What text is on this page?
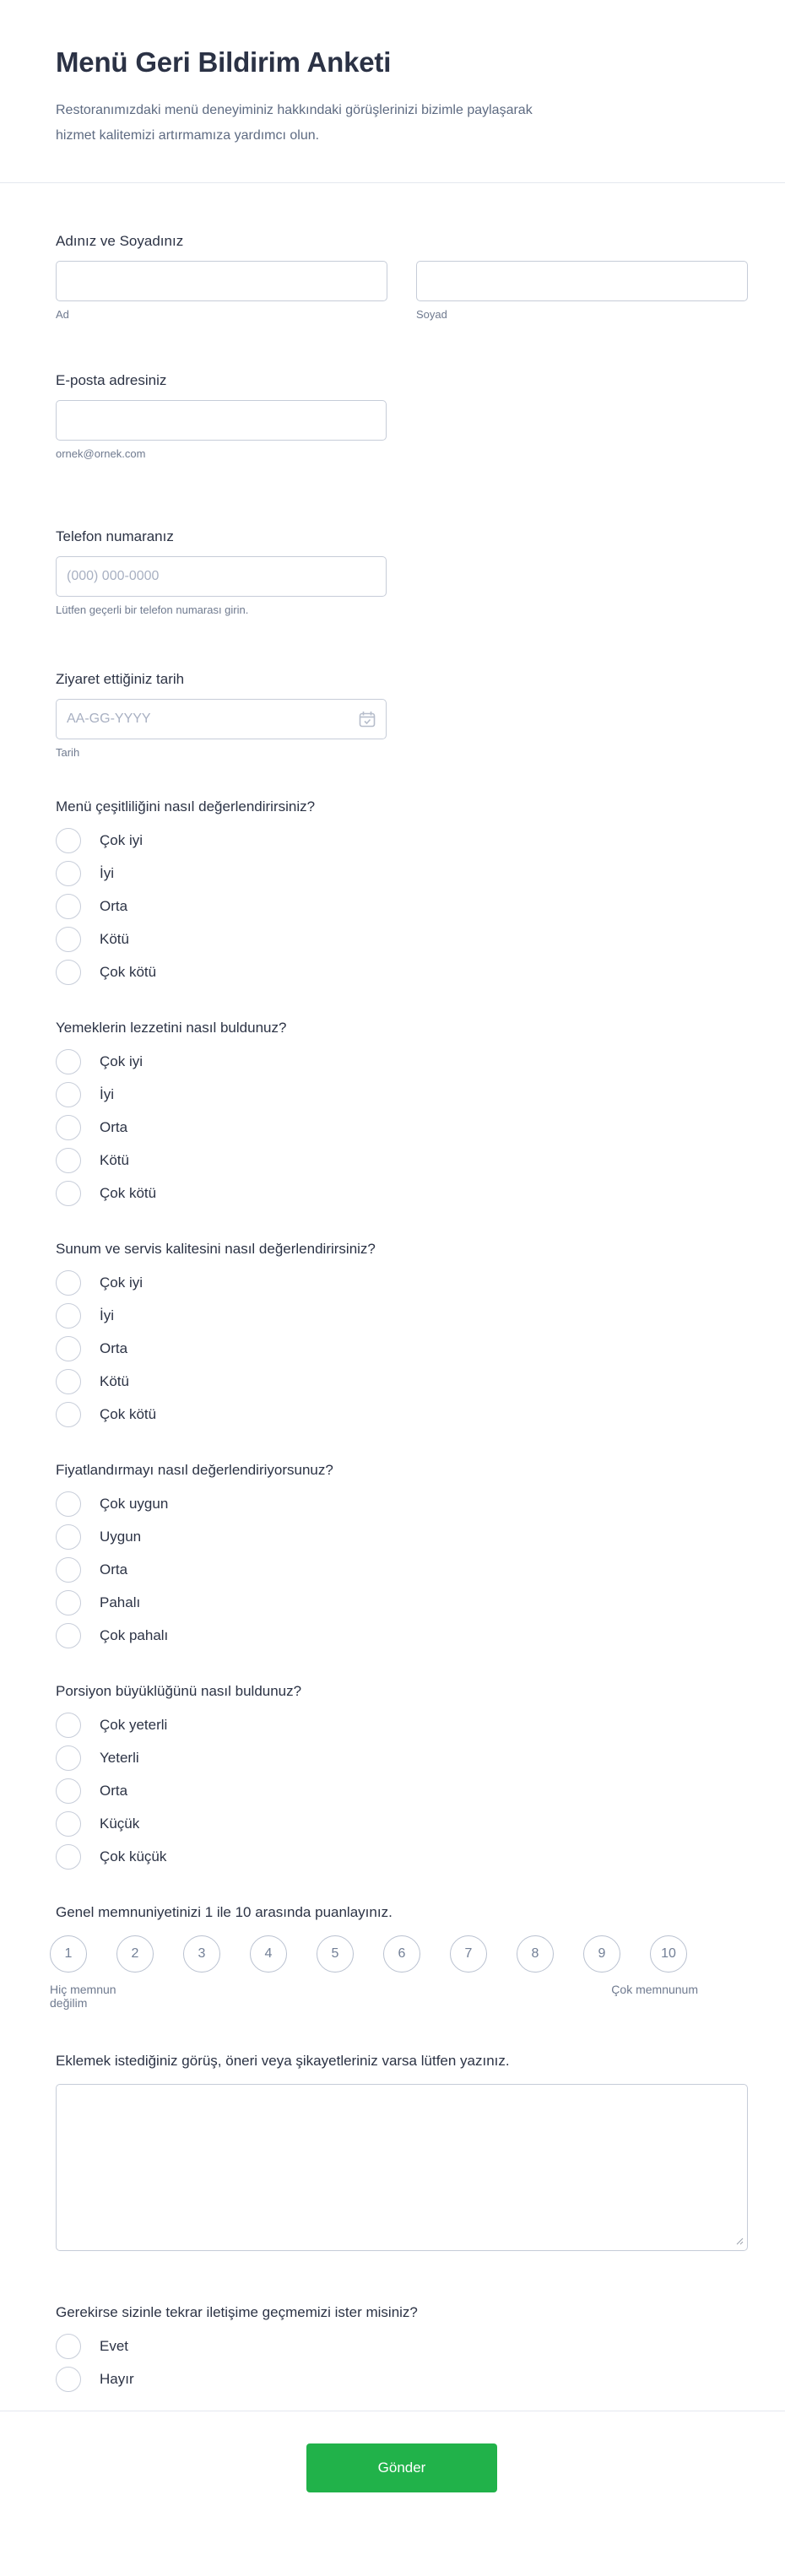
Menü Geri Bildirim Anketi
Restoranımızdaki menü deneyiminiz hakkındaki görüşlerinizi bizimle paylaşarak
hizmet kalitemizi artırmamıza yardımcı olun.
Adınız ve Soyadınız
Ad	Soyad
E-posta adresiniz
ornek@ornek.com
Telefon numaranız
(000) 000-0000
Lütfen geçerli bir telefon numarası girin.
Ziyaret ettiğiniz tarih
AA-GG-YYYY
Tarih
Menü çeşitliliğini nasıl değerlendirirsiniz?
Çok iyi
İyi
Orta
Kötü
Çok kötü
Yemeklerin lezzetini nasıl buldunuz?
Çok iyi
İyi
Orta
Kötü
Çok kötü
Sunum ve servis kalitesini nasıl değerlendirirsiniz?
Çok iyi
İyi
Orta
Kötü
Çok kötü
Fiyatlandırmayı nasıl değerlendiriyorsunuz?
Çok uygun
Uygun
Orta
Pahalı
Çok pahalı
Porsiyon büyüklüğünü nasıl buldunuz?
Çok yeterli
Yeterli
Orta
Küçük
Çok küçük
Genel memnuniyetinizi 1 ile 10 arasında puanlayınız.
1	2	3	4	5	6	7	8	9	10
Hiç memnun değilim
Çok memnunum
Eklemek istediğiniz görüş, öneri veya şikayetleriniz varsa lütfen yazınız.
Gerekirse sizinle tekrar iletişime geçmemizi ister misiniz?
Evet
Hayır
Gönder
